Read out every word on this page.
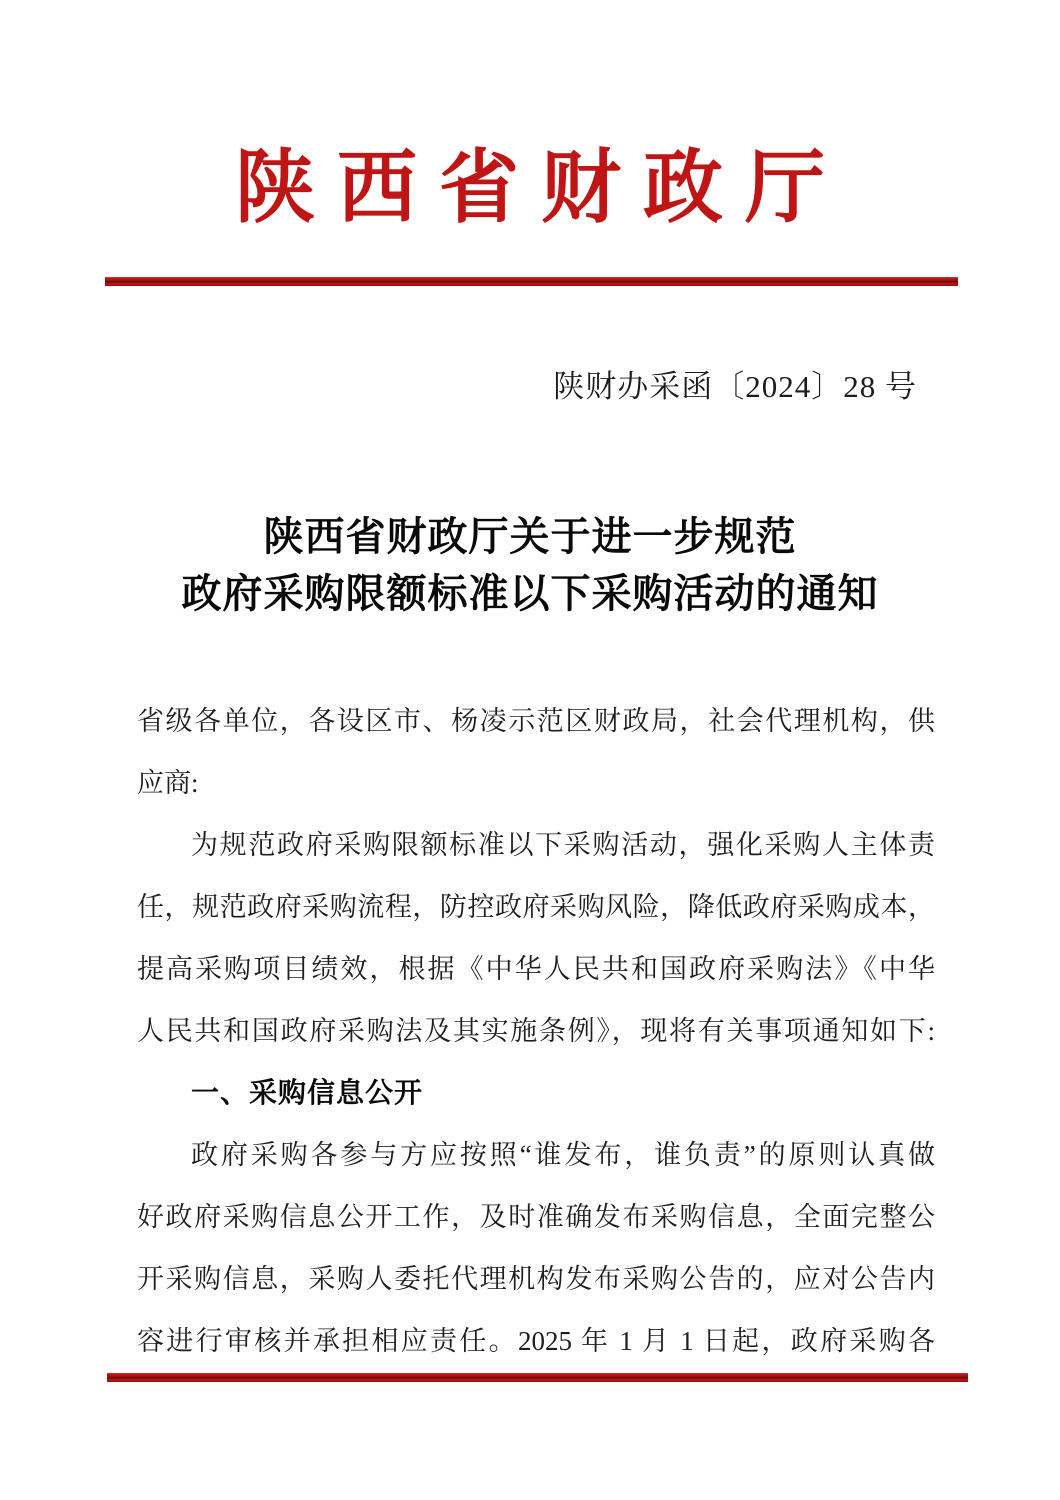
陕西省财政厅
陕财办采函〔2024〕28 号
陕西省财政厅关于进一步规范
政府采购限额标准以下采购活动的通知
省级各单位，各设区市、杨凌示范区财政局，社会代理机构，供
应商:
为规范政府采购限额标准以下采购活动，强化采购人主体责
任，规范政府采购流程，防控政府采购风险，降低政府采购成本，
提高采购项目绩效，根据《中华人民共和国政府采购法》《中华
人民共和国政府采购法及其实施条例》，现将有关事项通知如下:
一、采购信息公开
政府采购各参与方应按照“谁发布，谁负责”的原则认真做
好政府采购信息公开工作，及时准确发布采购信息，全面完整公
开采购信息，采购人委托代理机构发布采购公告的，应对公告内
容进行审核并承担相应责任。2025 年 1 月 1 日起，政府采购各
